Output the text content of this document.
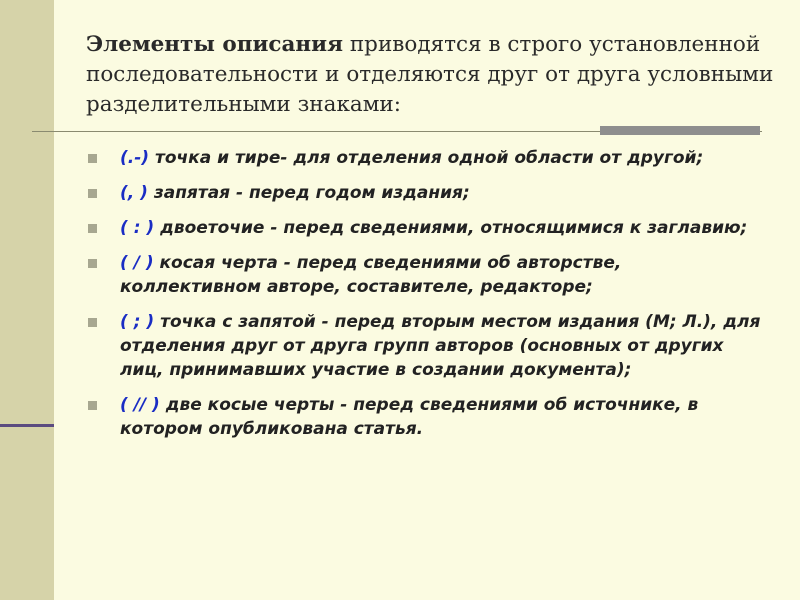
Элементы описания приводятся в строго установленной последовательности и отделяются друг от друга условными разделительными знаками:
(.-) точка и тире- для отделения одной области от другой;
(, ) запятая - перед годом издания;
( : ) двоеточие - перед сведениями, относящимися к заглавию;
( / ) косая черта - перед сведениями об авторстве, коллективном авторе, составителе, редакторе;
( ; ) точка с запятой - перед вторым местом издания (М; Л.), для отделения друг от друга групп авторов (основных от других лиц, принимавших участие в создании документа);
( // ) две косые черты - перед сведениями об источнике, в котором опубликована статья.
